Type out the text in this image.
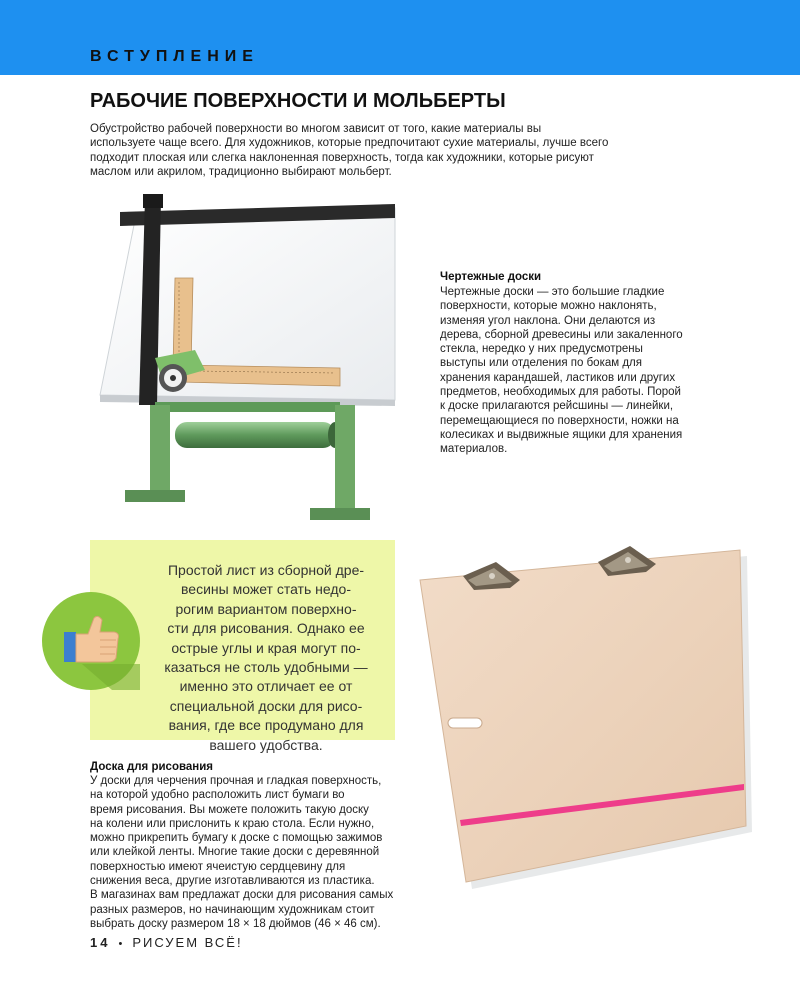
ВСТУПЛЕНИЕ
РАБОЧИЕ ПОВЕРХНОСТИ И МОЛЬБЕРТЫ

Обустройство рабочей поверхности во многом зависит от того, какие материалы вы
используете чаще всего. Для художников, которые предпочитают сухие материалы, лучше всего
подходит плоская или слегка наклоненная поверхность, тогда как художники, которые рисуют
маслом или акрилом, традиционно выбирают мольберт.

Чертежные доски

Чертежные доски — это большие гладкие
поверхности, которые можно наклонять,
изменяя угол наклона. Они делаются из
дерева, сборной древесины или закаленного
стекла, нередко у них предусмотрены
выступы или отделения по бокам для
хранения карандашей, ластиков или других
предметов, необходимых для работы. Порой
к доске прилагаются рейсшины — линейки,
перемещающиеся по поверхности, ножки на
колесиках и выдвижные ящики для хранения
материалов.

Простой лист из сборной дре-
весины может стать недо-
рогим вариантом поверхно-
сти для рисования. Однако ее
острые углы и края могут по-
казаться не столь удобными —
именно это отличает ее от
специальной доски для рисо-
вания, где все продумано для
вашего удобства.

Доска для рисования

У доски для черчения прочная и гладкая поверхность,
на которой удобно расположить лист бумаги во
время рисования. Вы можете положить такую доску
на колени или прислонить к краю стола. Если нужно,
можно прикрепить бумагу к доске с помощью зажимов
или клейкой ленты. Многие такие доски с деревянной
поверхностью имеют ячеистую сердцевину для
снижения веса, другие изготавливаются из пластика.
В магазинах вам предлажат доски для рисования самых
разных размеров, но начинающим художникам стоит
выбрать доску размером 18 × 18 дюймов (46 × 46 см).

14 • РИСУЕМ ВСЁ!
